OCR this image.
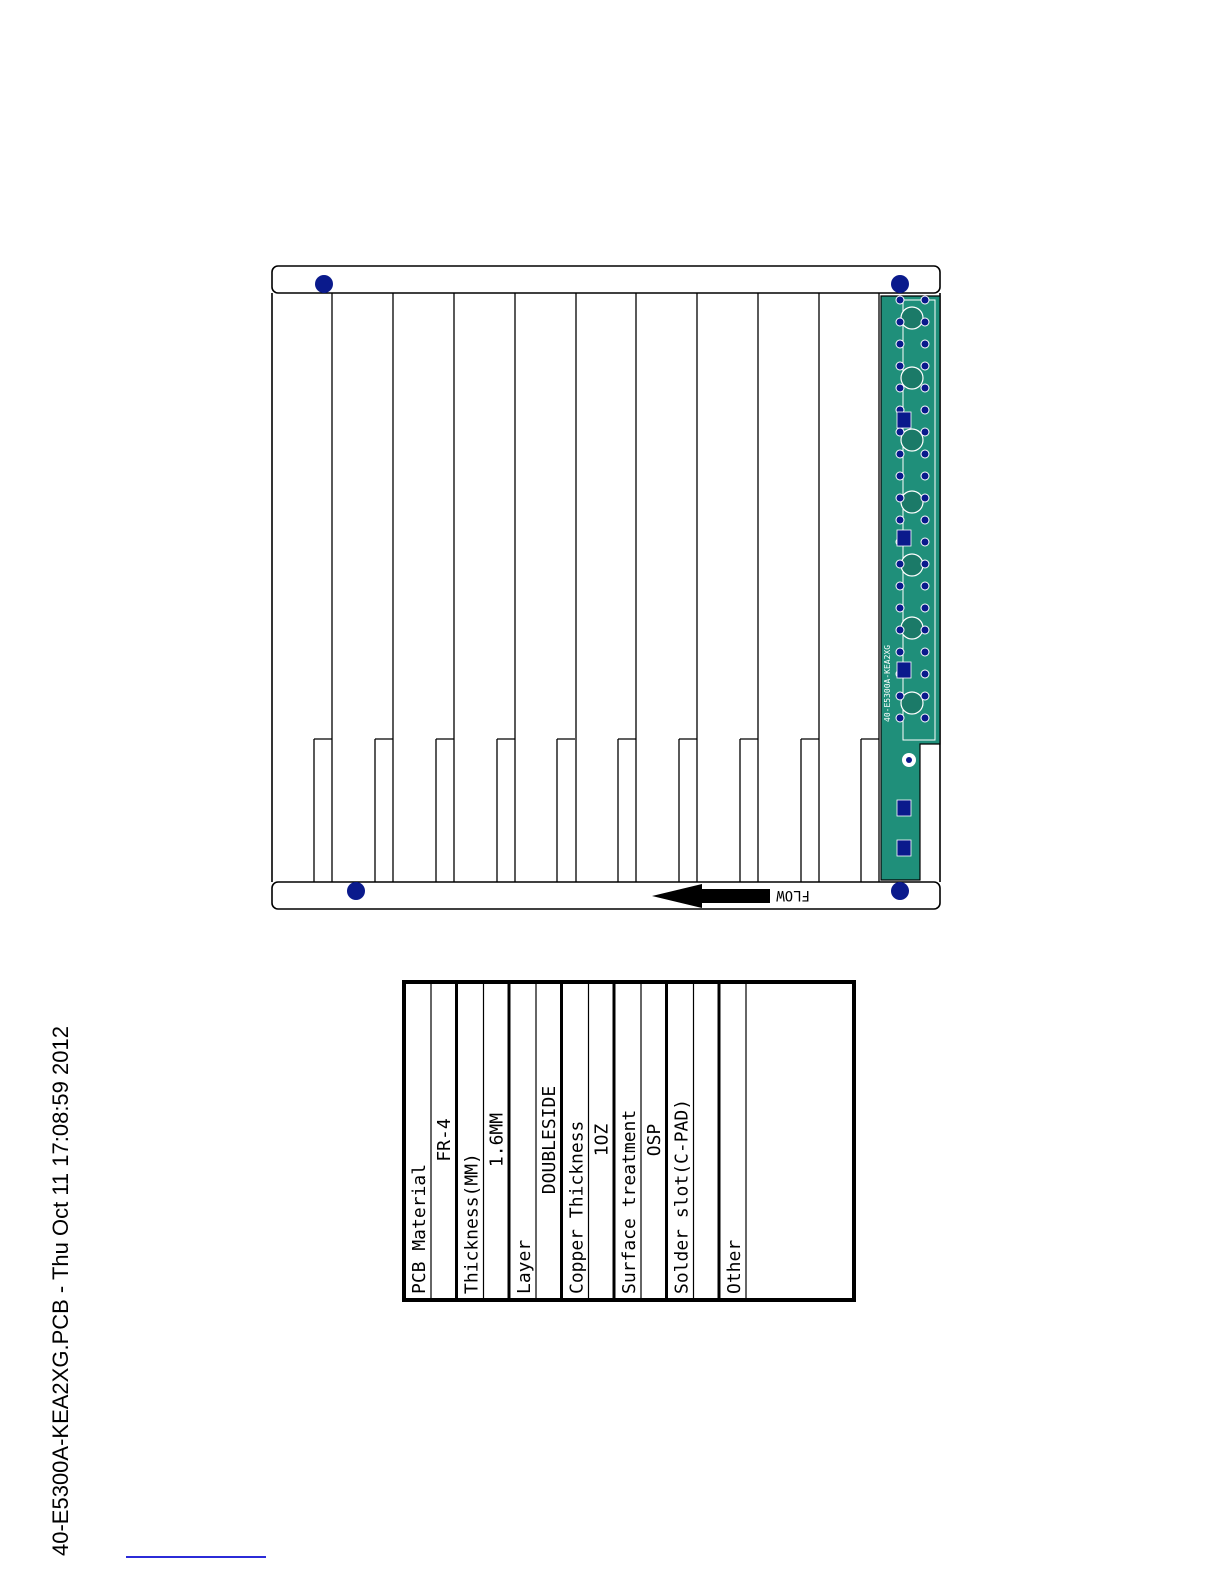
40-E5300A-KEA2XG
FLOW
PCB Material
FR-4
Thickness(MM)
1.6MM
Layer
DOUBLESIDE Copper Thickness 1OZ Surface treatment OSP Solder slot(C-PAD) Other
40-E5300A-KEA2XG.PCB - Thu Oct 11 17:08:59 2012
